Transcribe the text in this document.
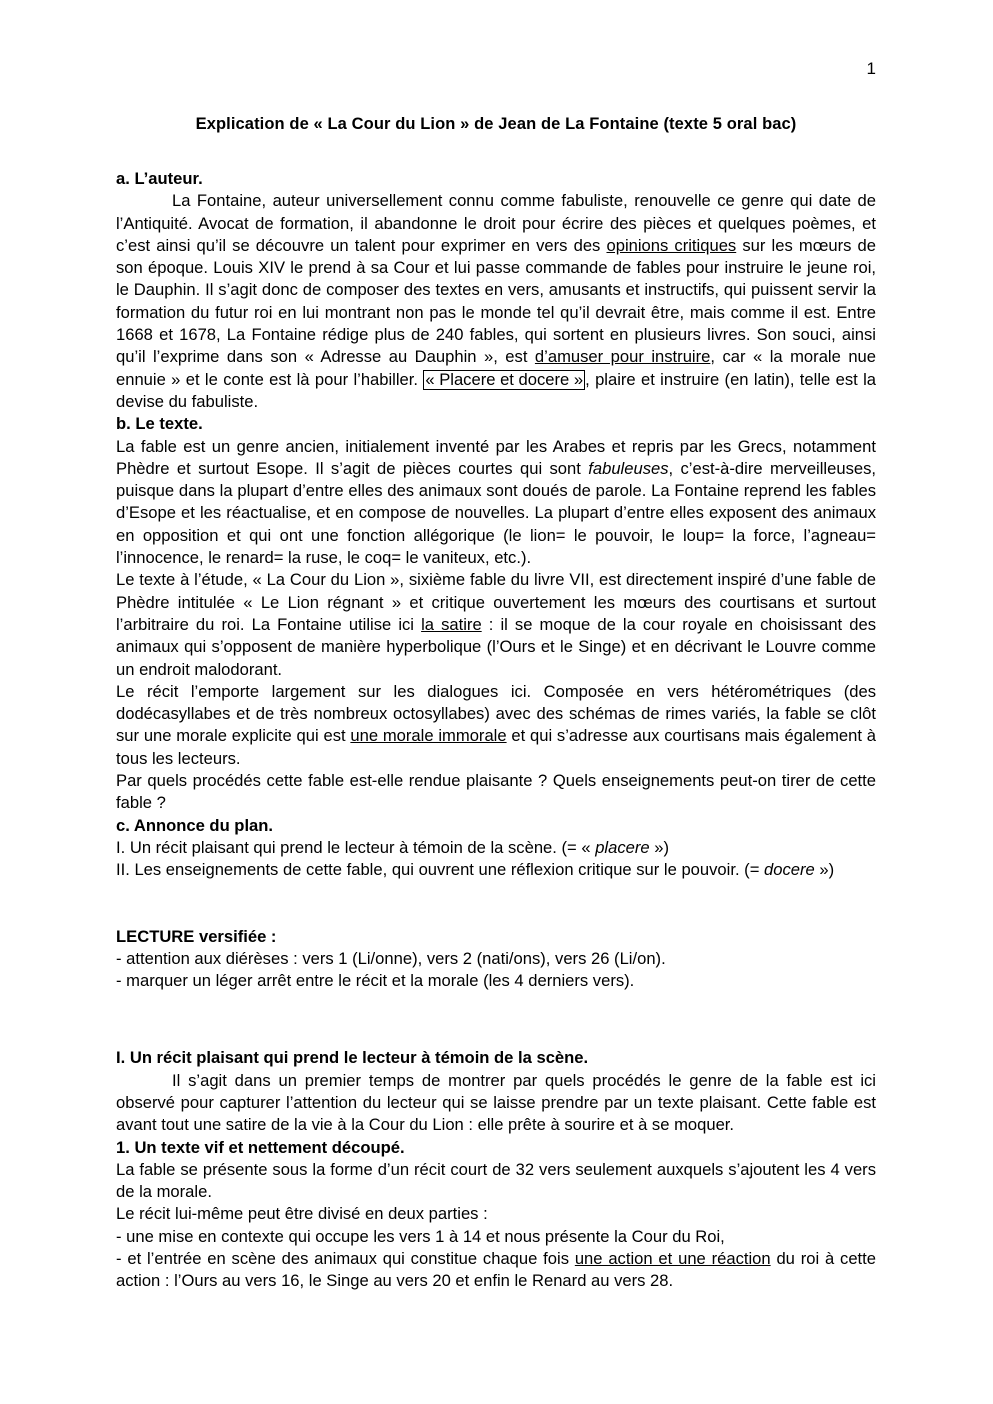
1
Explication de « La Cour du Lion » de Jean de La Fontaine (texte 5 oral bac)

a. L’auteur.

La Fontaine, auteur universellement connu comme fabuliste, renouvelle ce genre qui date de l’Antiquité. Avocat de formation, il abandonne le droit pour écrire des pièces et quelques poèmes, et c’est ainsi qu’il se découvre un talent pour exprimer en vers des opinions critiques sur les mœurs de son époque. Louis XIV le prend à sa Cour et lui passe commande de fables pour instruire le jeune roi, le Dauphin. Il s’agit donc de composer des textes en vers, amusants et instructifs, qui puissent servir la formation du futur roi en lui montrant non pas le monde tel qu’il devrait être, mais comme il est. Entre 1668 et 1678, La Fontaine rédige plus de 240 fables, qui sortent en plusieurs livres. Son souci, ainsi qu’il l’exprime dans son « Adresse au Dauphin », est d’amuser pour instruire, car « la morale nue ennuie » et le conte est là pour l’habiller. « Placere et docere » , plaire et instruire (en latin), telle est la devise du fabuliste.

b. Le texte.

La fable est un genre ancien, initialement inventé par les Arabes et repris par les Grecs, notamment Phèdre et surtout Esope. Il s’agit de pièces courtes qui sont fabuleuses, c’est-à-dire merveilleuses, puisque dans la plupart d’entre elles des animaux sont doués de parole. La Fontaine reprend les fables d’Esope et les réactualise, et en compose de nouvelles. La plupart d’entre elles exposent des animaux en opposition et qui ont une fonction allégorique (le lion= le pouvoir, le loup= la force, l’agneau= l’innocence, le renard= la ruse, le coq= le vaniteux, etc.).

Le texte à l’étude, « La Cour du Lion », sixième fable du livre VII, est directement inspiré d’une fable de Phèdre intitulée « Le Lion régnant » et critique ouvertement les mœurs des courtisans et surtout l’arbitraire du roi. La Fontaine utilise ici la satire : il se moque de la cour royale en choisissant des animaux qui s’opposent de manière hyperbolique (l’Ours et le Singe) et en décrivant le Louvre comme un endroit malodorant.

Le récit l’emporte largement sur les dialogues ici. Composée en vers hétérométriques (des dodécasyllabes et de très nombreux octosyllabes) avec des schémas de rimes variés, la fable se clôt sur une morale explicite qui est une morale immorale et qui s’adresse aux courtisans mais également à tous les lecteurs.

Par quels procédés cette fable est-elle rendue plaisante ? Quels enseignements peut-on tirer de cette fable ?

c. Annonce du plan.

I. Un récit plaisant qui prend le lecteur à témoin de la scène. (= « placere »)

II. Les enseignements de cette fable, qui ouvrent une réflexion critique sur le pouvoir. (= docere »)

LECTURE versifiée :

- attention aux diérèses : vers 1 (Li/onne), vers 2 (nati/ons), vers 26 (Li/on).

- marquer un léger arrêt entre le récit et la morale (les 4 derniers vers).

I. Un récit plaisant qui prend le lecteur à témoin de la scène.

Il s’agit dans un premier temps de montrer par quels procédés le genre de la fable est ici observé pour capturer l’attention du lecteur qui se laisse prendre par un texte plaisant. Cette fable est avant tout une satire de la vie à la Cour du Lion : elle prête à sourire et à se moquer.

1. Un texte vif et nettement découpé.

La fable se présente sous la forme d’un récit court de 32 vers seulement auxquels s’ajoutent les 4 vers de la morale.

Le récit lui-même peut être divisé en deux parties :

- une mise en contexte qui occupe les vers 1 à 14 et nous présente la Cour du Roi,

- et l’entrée en scène des animaux qui constitue chaque fois une action et une réaction du roi à cette action : l’Ours au vers 16, le Singe au vers 20 et enfin le Renard au vers 28.
